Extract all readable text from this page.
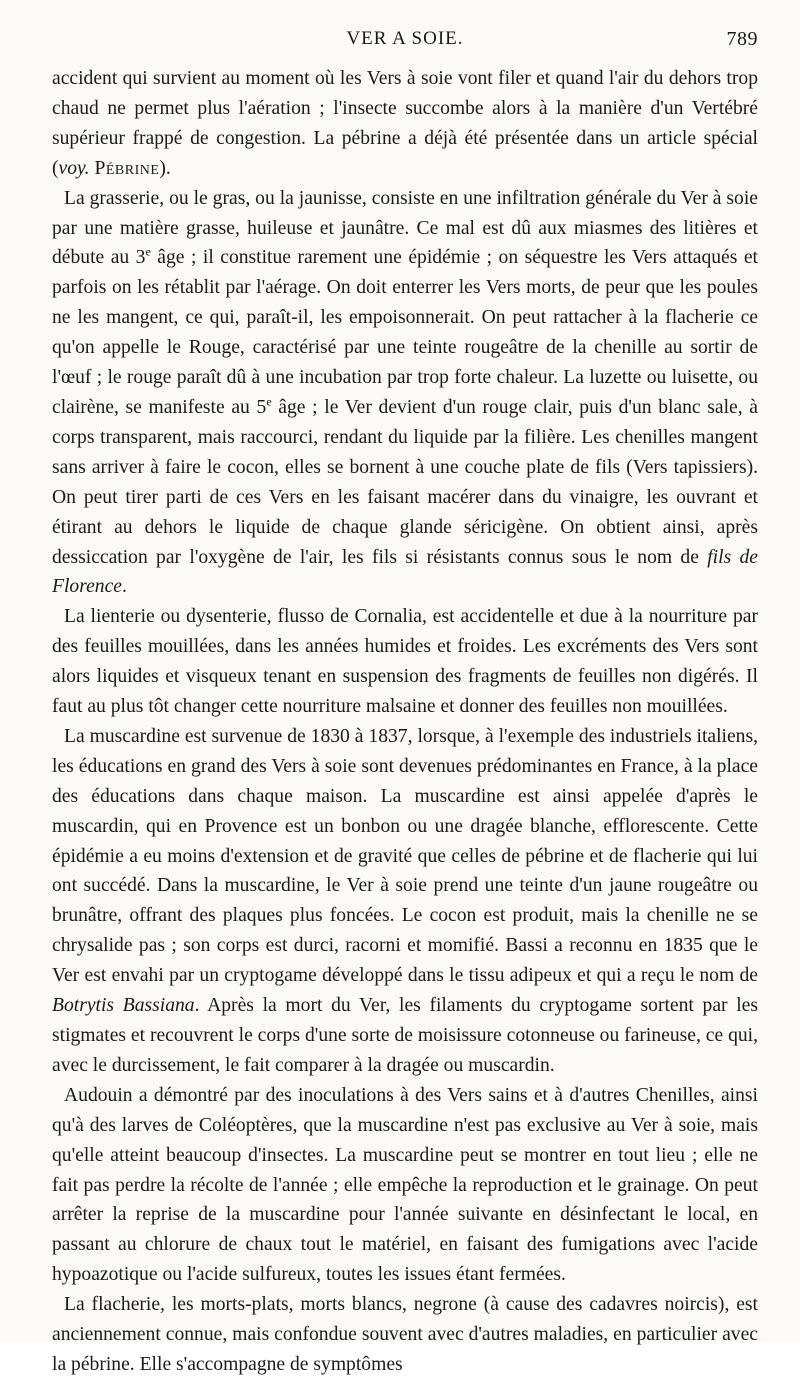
VER A SOIE.	789

accident qui survient au moment où les Vers à soie vont filer et quand l'air du dehors trop chaud ne permet plus l'aération ; l'insecte succombe alors à la manière d'un Vertébré supérieur frappé de congestion. La pébrine a déjà été présentée dans un article spécial (voy. Pébrine).

La grasserie, ou le gras, ou la jaunisse, consiste en une infiltration générale du Ver à soie par une matière grasse, huileuse et jaunâtre. Ce mal est dû aux miasmes des litières et débute au 3e âge ; il constitue rarement une épidémie ; on séquestre les Vers attaqués et parfois on les rétablit par l'aérage. On doit enterrer les Vers morts, de peur que les poules ne les mangent, ce qui, paraît-il, les empoisonnerait. On peut rattacher à la flacherie ce qu'on appelle le Rouge, caractérisé par une teinte rougeâtre de la chenille au sortir de l'œuf ; le rouge paraît dû à une incubation par trop forte chaleur. La luzette ou luisette, ou clairène, se manifeste au 5e âge ; le Ver devient d'un rouge clair, puis d'un blanc sale, à corps transparent, mais raccourci, rendant du liquide par la filière. Les chenilles mangent sans arriver à faire le cocon, elles se bornent à une couche plate de fils (Vers tapissiers). On peut tirer parti de ces Vers en les faisant macérer dans du vinaigre, les ouvrant et étirant au dehors le liquide de chaque glande séricigène. On obtient ainsi, après dessiccation par l'oxygène de l'air, les fils si résistants connus sous le nom de fils de Florence.

La lienterie ou dysenterie, flusso de Cornalia, est accidentelle et due à la nourriture par des feuilles mouillées, dans les années humides et froides. Les excréments des Vers sont alors liquides et visqueux tenant en suspension des fragments de feuilles non digérés. Il faut au plus tôt changer cette nourriture malsaine et donner des feuilles non mouillées.

La muscardine est survenue de 1830 à 1837, lorsque, à l'exemple des industriels italiens, les éducations en grand des Vers à soie sont devenues prédominantes en France, à la place des éducations dans chaque maison. La muscardine est ainsi appelée d'après le muscardin, qui en Provence est un bonbon ou une dragée blanche, efflorescente. Cette épidémie a eu moins d'extension et de gravité que celles de pébrine et de flacherie qui lui ont succédé. Dans la muscardine, le Ver à soie prend une teinte d'un jaune rougeâtre ou brunâtre, offrant des plaques plus foncées. Le cocon est produit, mais la chenille ne se chrysalide pas ; son corps est durci, racorni et momifié. Bassi a reconnu en 1835 que le Ver est envahi par un cryptogame développé dans le tissu adipeux et qui a reçu le nom de Botrytis Bassiana. Après la mort du Ver, les filaments du cryptogame sortent par les stigmates et recouvrent le corps d'une sorte de moisissure cotonneuse ou farineuse, ce qui, avec le durcissement, le fait comparer à la dragée ou muscardin.

Audouin a démontré par des inoculations à des Vers sains et à d'autres Chenilles, ainsi qu'à des larves de Coléoptères, que la muscardine n'est pas exclusive au Ver à soie, mais qu'elle atteint beaucoup d'insectes. La muscardine peut se montrer en tout lieu ; elle ne fait pas perdre la récolte de l'année ; elle empêche la reproduction et le grainage. On peut arrêter la reprise de la muscardine pour l'année suivante en désinfectant le local, en passant au chlorure de chaux tout le matériel, en faisant des fumigations avec l'acide hypoazotique ou l'acide sulfureux, toutes les issues étant fermées.

La flacherie, les morts-plats, morts blancs, negrone (à cause des cadavres noircis), est anciennement connue, mais confondue souvent avec d'autres maladies, en particulier avec la pébrine. Elle s'accompagne de symptômes
